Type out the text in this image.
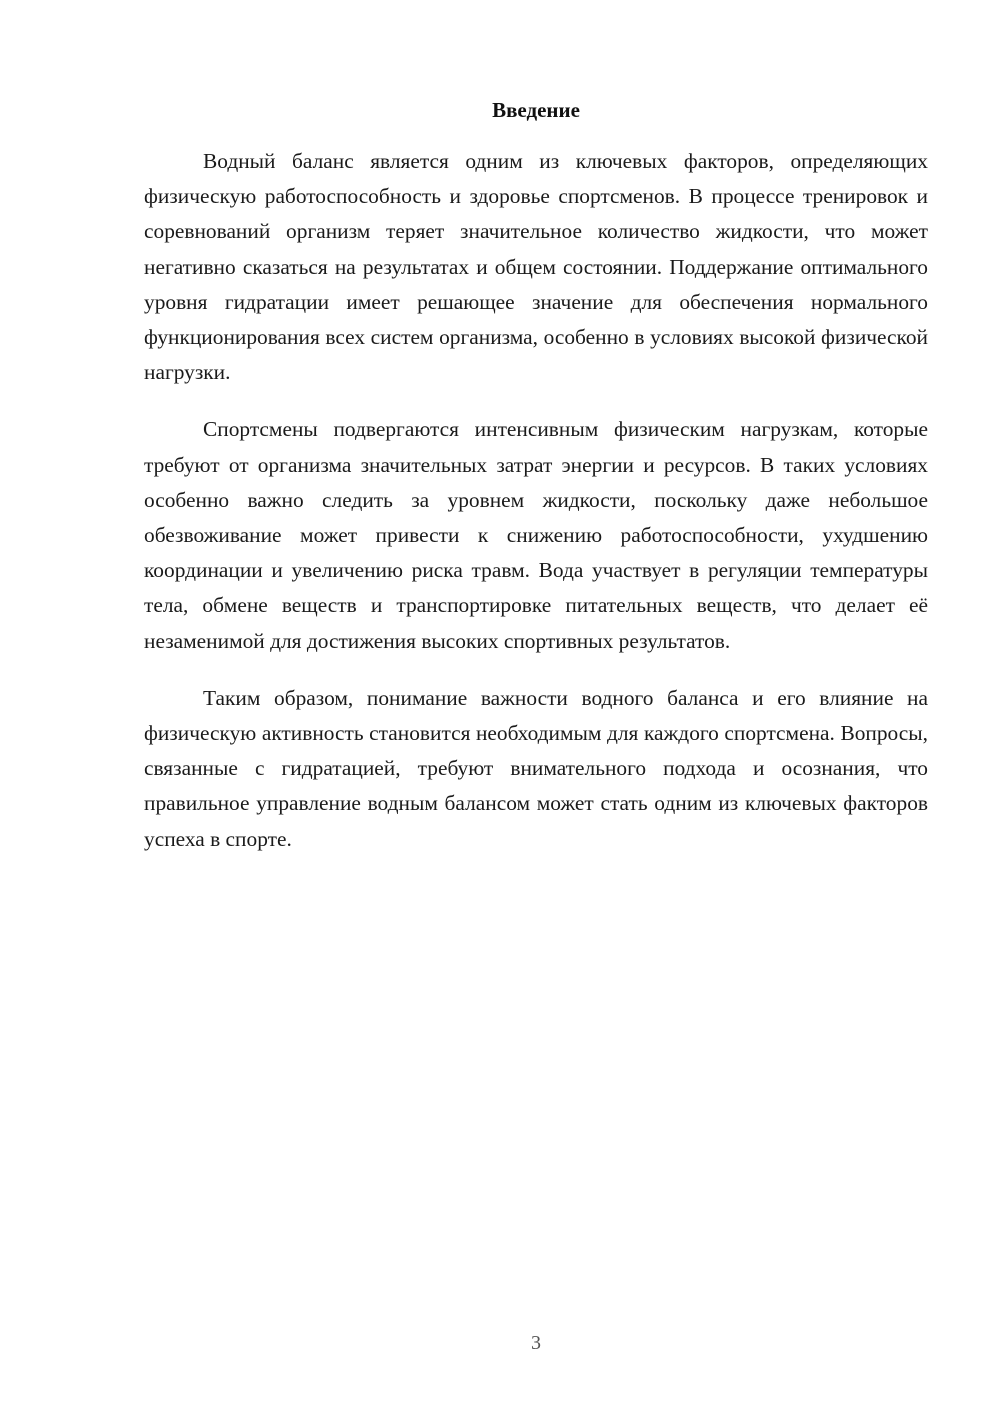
Введение

Водный баланс является одним из ключевых факторов, определяющих физическую работоспособность и здоровье спортсменов. В процессе тренировок и соревнований организм теряет значительное количество жидкости, что может негативно сказаться на результатах и общем состоянии. Поддержание оптимального уровня гидратации имеет решающее значение для обеспечения нормального функционирования всех систем организма, особенно в условиях высокой физической нагрузки.

Спортсмены подвергаются интенсивным физическим нагрузкам, которые требуют от организма значительных затрат энергии и ресурсов. В таких условиях особенно важно следить за уровнем жидкости, поскольку даже небольшое обезвоживание может привести к снижению работоспособности, ухудшению координации и увеличению риска травм. Вода участвует в регуляции температуры тела, обмене веществ и транспортировке питательных веществ, что делает её незаменимой для достижения высоких спортивных результатов.

Таким образом, понимание важности водного баланса и его влияние на физическую активность становится необходимым для каждого спортсмена. Вопросы, связанные с гидратацией, требуют внимательного подхода и осознания, что правильное управление водным балансом может стать одним из ключевых факторов успеха в спорте.

3
